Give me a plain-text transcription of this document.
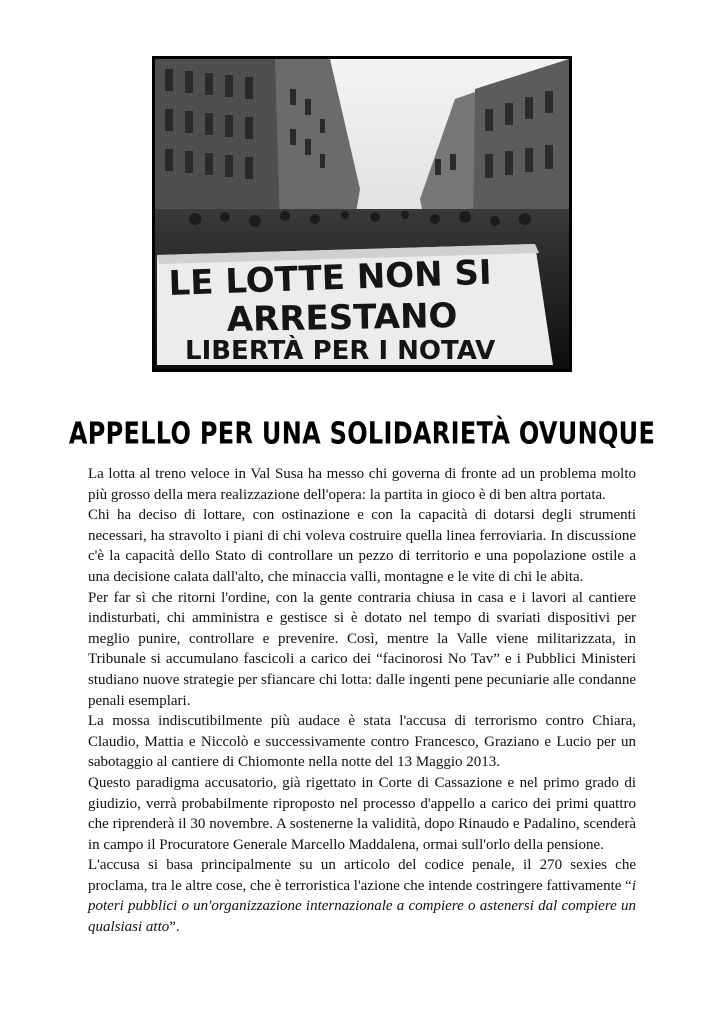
LE LOTTE NON SI
ARRESTANO
LIBERTÀ PER I NOTAV
APPELLO PER UNA SOLIDARIETÀ OVUNQUE

La lotta al treno veloce in Val Susa ha messo chi governa di fronte ad un problema molto più grosso della mera realizzazione dell'opera: la partita in gioco è di ben altra portata.

Chi ha deciso di lottare, con ostinazione e con la capacità di dotarsi degli strumenti necessari, ha stravolto i piani di chi voleva costruire quella linea ferroviaria. In discussione c'è la capacità dello Stato di controllare un pezzo di territorio e una popolazione ostile a una decisione calata dall'alto, che minaccia valli, montagne e le vite di chi le abita.

Per far sì che ritorni l'ordine, con la gente contraria chiusa in casa e i lavori al cantiere indisturbati, chi amministra e gestisce si è dotato nel tempo di svariati dispositivi per meglio punire, controllare e prevenire. Così, mentre la Valle viene militarizzata, in Tribunale si accumulano fascicoli a carico dei “facinorosi No Tav” e i Pubblici Ministeri studiano nuove strategie per sfiancare chi lotta: dalle ingenti pene pecuniarie alle condanne penali esemplari.

La mossa indiscutibilmente più audace è stata l'accusa di terrorismo contro Chiara, Claudio, Mattia e Niccolò e successivamente contro Francesco, Graziano e Lucio per un sabotaggio al cantiere di Chiomonte nella notte del 13 Maggio 2013.

Questo paradigma accusatorio, già rigettato in Corte di Cassazione e nel primo grado di giudizio, verrà probabilmente riproposto nel processo d'appello a carico dei primi quattro che riprenderà il 30 novembre. A sostenerne la validità, dopo Rinaudo e Padalino, scenderà in campo il Procuratore Generale Marcello Maddalena, ormai sull'orlo della pensione.

L'accusa si basa principalmente su un articolo del codice penale, il 270 sexies che proclama, tra le altre cose, che è terroristica l'azione che intende costringere fattivamente “i poteri pubblici o un'organizzazione internazionale a compiere o astenersi dal compiere un qualsiasi atto”.
